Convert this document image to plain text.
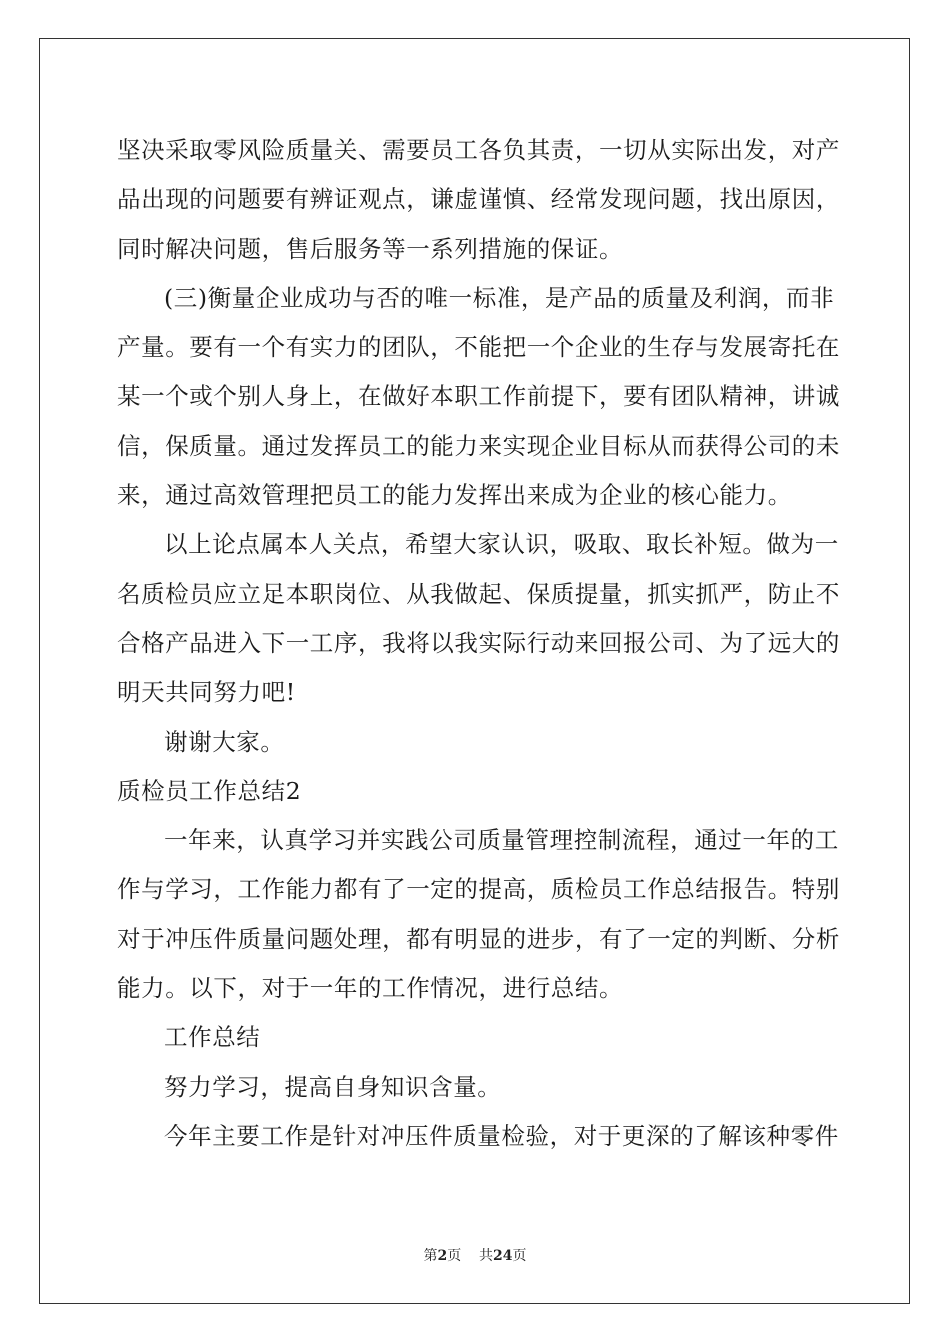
坚决采取零风险质量关、需要员工各负其责，一切从实际出发，对产
品出现的问题要有辨证观点，谦虚谨慎、经常发现问题，找出原因，
同时解决问题，售后服务等一系列措施的保证。
(三)衡量企业成功与否的唯一标准，是产品的质量及利润，而非
产量。要有一个有实力的团队，不能把一个企业的生存与发展寄托在
某一个或个别人身上，在做好本职工作前提下，要有团队精神，讲诚
信，保质量。通过发挥员工的能力来实现企业目标从而获得公司的未
来，通过高效管理把员工的能力发挥出来成为企业的核心能力。
以上论点属本人关点，希望大家认识，吸取、取长补短。做为一
名质检员应立足本职岗位、从我做起、保质提量，抓实抓严，防止不
合格产品进入下一工序，我将以我实际行动来回报公司、为了远大的
明天共同努力吧!
谢谢大家。
质检员工作总结2
一年来，认真学习并实践公司质量管理控制流程，通过一年的工
作与学习，工作能力都有了一定的提高，质检员工作总结报告。特别
对于冲压件质量问题处理，都有明显的进步，有了一定的判断、分析
能力。以下，对于一年的工作情况，进行总结。
工作总结
努力学习，提高自身知识含量。
今年主要工作是针对冲压件质量检验，对于更深的了解该种零件
第2页 共24页
